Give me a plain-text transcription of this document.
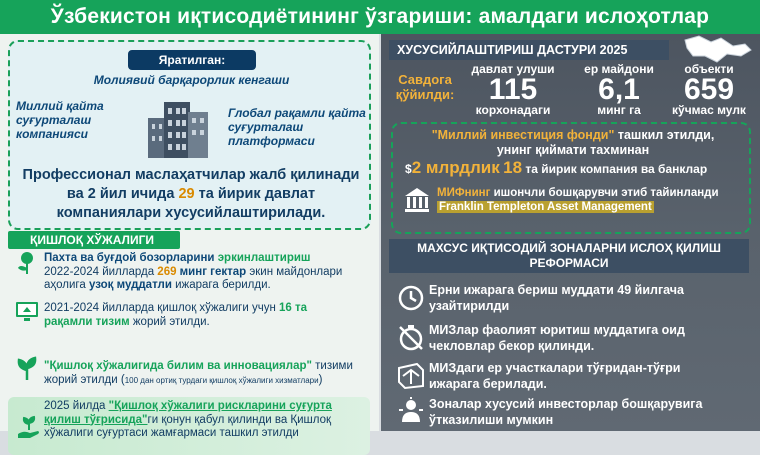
Ўзбекистон иқтисодиётининг ўзгариши: амалдаги ислоҳотлар
Яратилган:
Молиявий барқарорлик кенгаши
Миллий қайта суғурталаш компанияси
Глобал рақамли қайта суғурталаш платформаси
Профессионал маслаҳатчилар жалб қилинади ва 2 йил ичида 29 та йирик давлат компаниялари хусусийлаштирилади.
ҚИШЛОҚ ХЎЖАЛИГИ
Пахта ва буғдой бозорларини эркинлаштириш
2022-2024 йилларда 269 минг гектар экин майдонлари аҳолига узоқ муддатли ижарага берилди.
2021-2024 йилларда қишлоқ хўжалиги учун 16 та рақамли тизим жорий этилди.
"Қишлоқ хўжалигида билим ва инновациялар" тизими жорий этилди (100 дан ортиқ турдаги қишлоқ хўжалиги хизматлари)
2025 йилда "Қишлоқ хўжалиги рискларини суғурта қилиш тўғрисида"ги қонун қабул қилинди ва Қишлоқ хўжалиги суғуртаси жамғармаси ташкил этилди
ХУСУСИЙЛАШТИРИШ ДАСТУРИ 2025
Савдога қўйилди:
давлат улуши
115
корхонадаги
ер майдони
6,1
минг га
объекти
659
кўчмас мулк
"Миллий инвестиция фонди" ташкил этилди,
унинг қиймати тахминан
$2 млрдлик 18 та йирик компания ва банклар
МИФнинг ишончли бошқарувчи этиб тайинланди
Franklin Templeton Asset Management
МАХСУС ИҚТИСОДИЙ ЗОНАЛАРНИ ИСЛОҲ ҚИЛИШ РЕФОРМАСИ
Ерни ижарага бериш муддати 49 йилгача узайтирилди
МИЗлар фаолият юритиш муддатига оид чекловлар бекор қилинди.
МИЗдаги ер участкалари тўғридан-тўғри ижарага берилади.
Зоналар хусусий инвесторлар бошқарувига ўтказилиши мумкин
